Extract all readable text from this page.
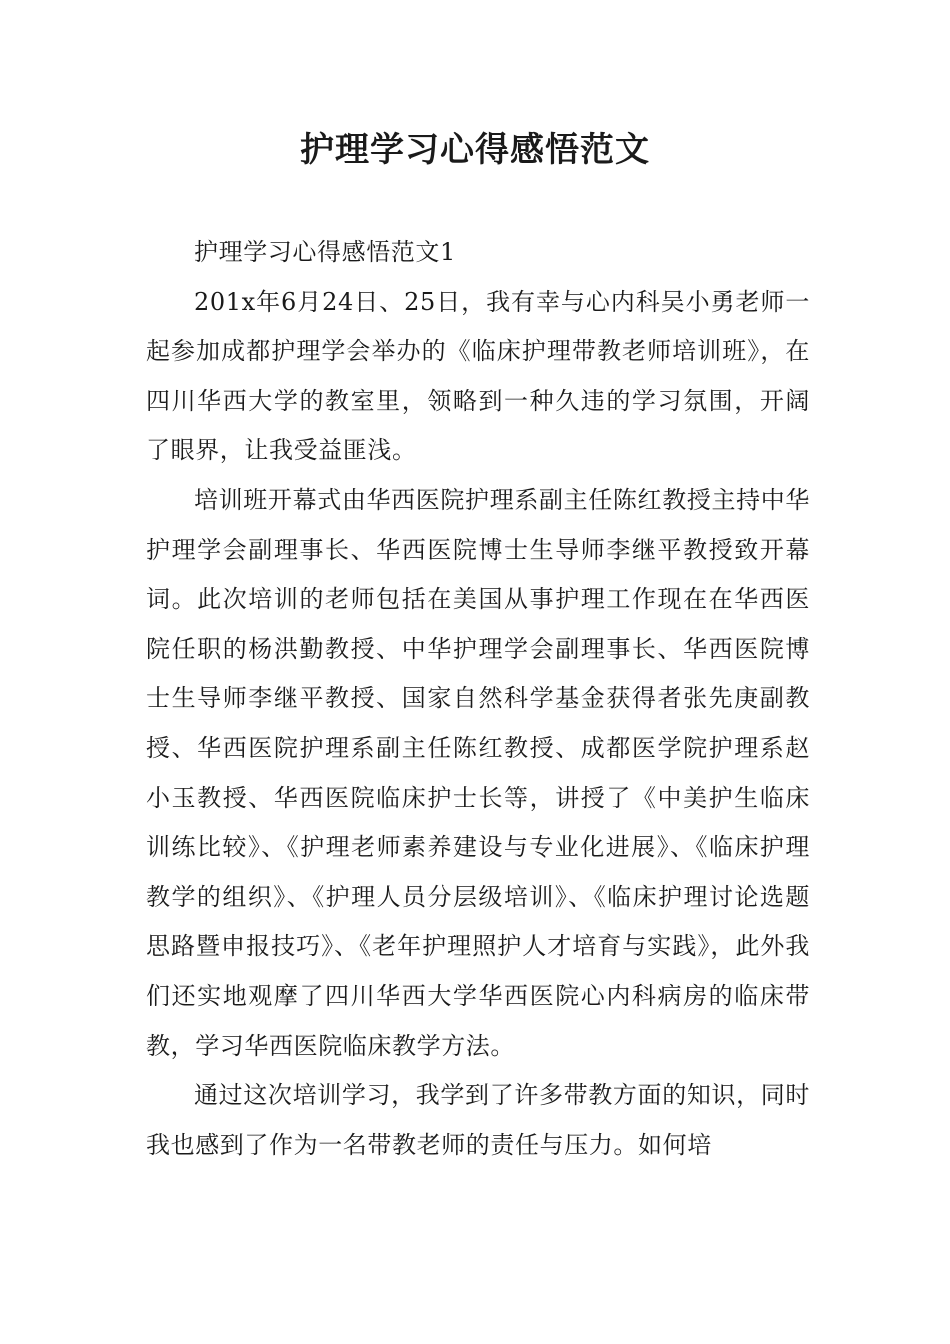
护理学习心得感悟范文

护理学习心得感悟范文1

201x年6月24日、25日，我有幸与心内科吴小勇老师一起参加成都护理学会举办的《临床护理带教老师培训班》，在四川华西大学的教室里，领略到一种久违的学习氛围，开阔了眼界，让我受益匪浅。

培训班开幕式由华西医院护理系副主任陈红教授主持中华护理学会副理事长、华西医院博士生导师李继平教授致开幕词。此次培训的老师包括在美国从事护理工作现在在华西医院任职的杨洪勤教授、中华护理学会副理事长、华西医院博士生导师李继平教授、国家自然科学基金获得者张先庚副教授、华西医院护理系副主任陈红教授、成都医学院护理系赵小玉教授、华西医院临床护士长等，讲授了《中美护生临床训练比较》、《护理老师素养建设与专业化进展》、《临床护理教学的组织》、《护理人员分层级培训》、《临床护理讨论选题思路暨申报技巧》、《老年护理照护人才培育与实践》，此外我们还实地观摩了四川华西大学华西医院心内科病房的临床带教，学习华西医院临床教学方法。

通过这次培训学习，我学到了许多带教方面的知识，同时我也感到了作为一名带教老师的责任与压力。如何培
